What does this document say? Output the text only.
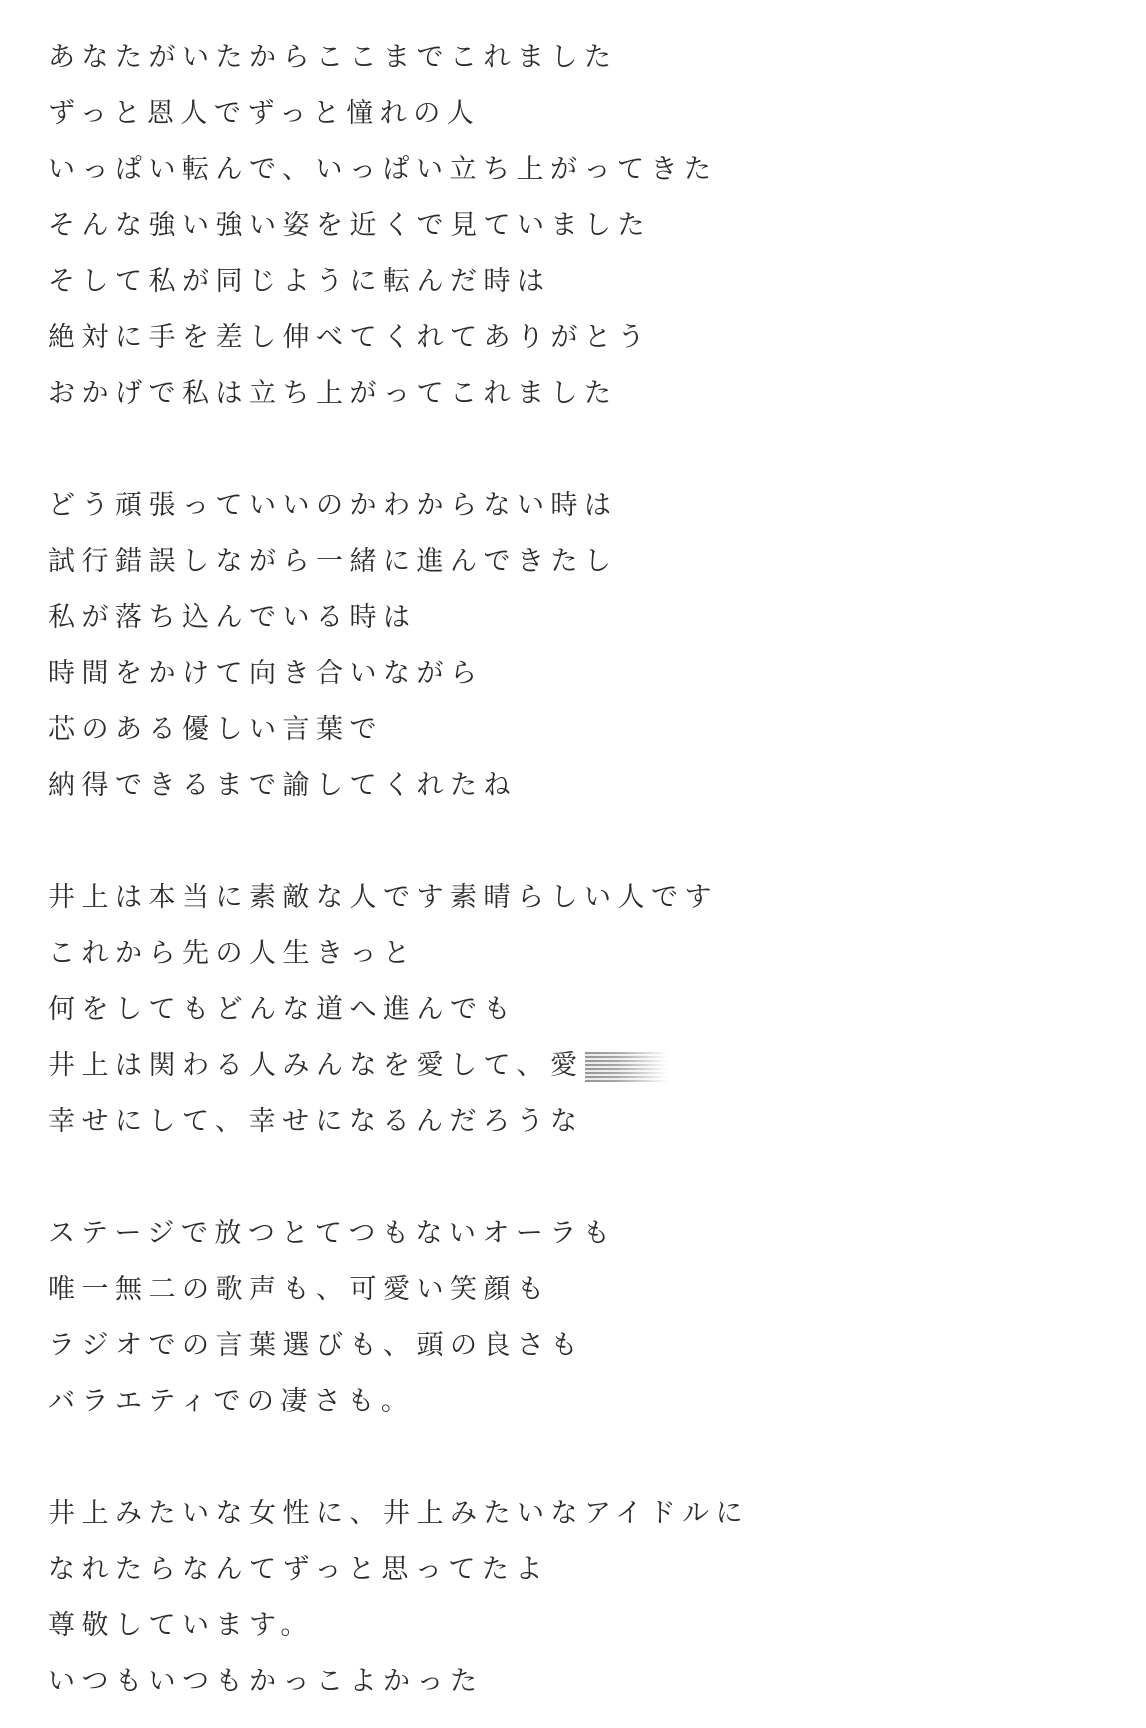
あなたがいたからここまでこれました
ずっと恩人でずっと憧れの人
いっぱい転んで、いっぱい立ち上がってきた
そんな強い強い姿を近くで見ていました
そして私が同じように転んだ時は
絶対に手を差し伸べてくれてありがとう
おかげで私は立ち上がってこれました
どう頑張っていいのかわからない時は
試行錯誤しながら一緒に進んできたし
私が落ち込んでいる時は
時間をかけて向き合いながら
芯のある優しい言葉で
納得できるまで諭してくれたね
井上は本当に素敵な人です素晴らしい人です
これから先の人生きっと
何をしてもどんな道へ進んでも
井上は関わる人みんなを愛して、愛
幸せにして、幸せになるんだろうな
ステージで放つとてつもないオーラも
唯一無二の歌声も、可愛い笑顔も
ラジオでの言葉選びも、頭の良さも
バラエティでの凄さも。
井上みたいな女性に、井上みたいなアイドルに
なれたらなんてずっと思ってたよ
尊敬しています。
いつもいつもかっこよかった
